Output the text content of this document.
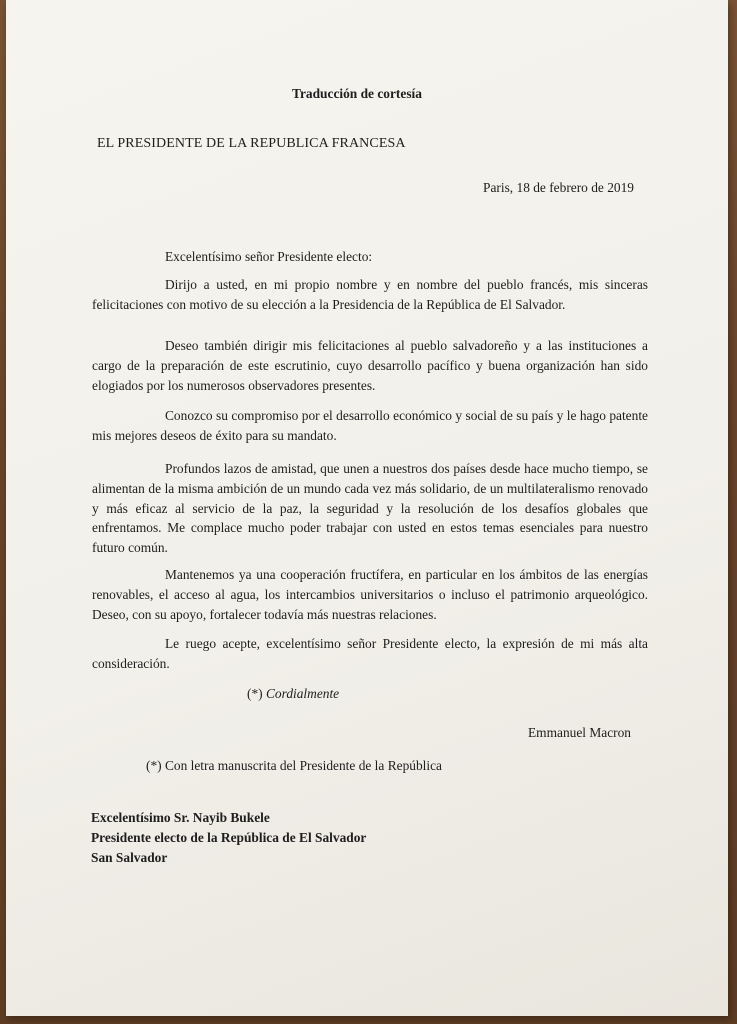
Traducción de cortesía

EL PRESIDENTE DE LA REPUBLICA FRANCESA

Paris, 18 de febrero de 2019

Excelentísimo señor Presidente electo:

Dirijo a usted, en mi propio nombre y en nombre del pueblo francés, mis sinceras felicitaciones con motivo de su elección a la Presidencia de la República de El Salvador.

Deseo también dirigir mis felicitaciones al pueblo salvadoreño y a las instituciones a cargo de la preparación de este escrutinio, cuyo desarrollo pacífico y buena organización han sido elogiados por los numerosos observadores presentes.

Conozco su compromiso por el desarrollo económico y social de su país y le hago patente mis mejores deseos de éxito para su mandato.

Profundos lazos de amistad, que unen a nuestros dos países desde hace mucho tiempo, se alimentan de la misma ambición de un mundo cada vez más solidario, de un multilateralismo renovado y más eficaz al servicio de la paz, la seguridad y la resolución de los desafíos globales que enfrentamos. Me complace mucho poder trabajar con usted en estos temas esenciales para nuestro futuro común.

Mantenemos ya una cooperación fructífera, en particular en los ámbitos de las energías renovables, el acceso al agua, los intercambios universitarios o incluso el patrimonio arqueológico. Deseo, con su apoyo, fortalecer todavía más nuestras relaciones.

Le ruego acepte, excelentísimo señor Presidente electo, la expresión de mi más alta consideración.

(*) Cordialmente

Emmanuel Macron

(*) Con letra manuscrita del Presidente de la República

Excelentísimo Sr. Nayib Bukele
Presidente electo de la República de El Salvador
San Salvador
